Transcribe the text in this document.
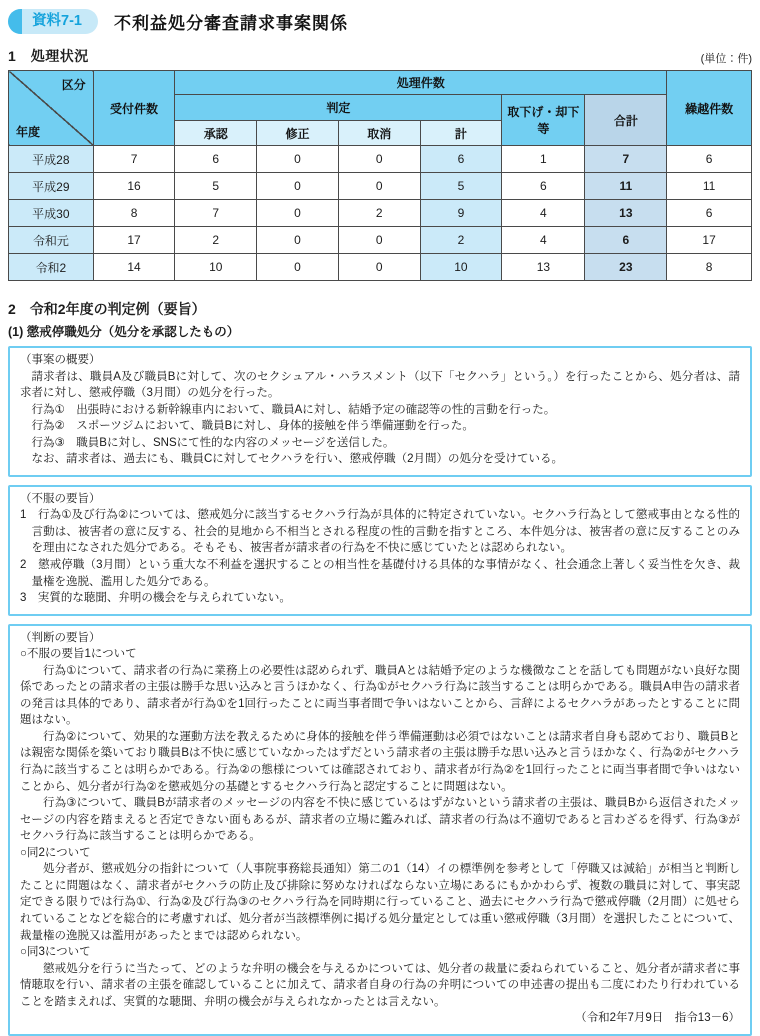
資料7-1	不利益処分審査請求事案関係
1　処理状況	(単位：件)
区分
年度	受付件数	処理件数						繰越件数
		判定				取下げ・却下等	合計	
		承認	修正	取消	計			
平成28	7	6	0	0	6	1	7	6
平成29	16	5	0	0	5	6	11	11
平成30	8	7	0	2	9	4	13	6
令和元	17	2	0	0	2	4	6	17
令和2	14	10	0	0	10	13	23	8

2　令和2年度の判定例（要旨）

(1) 懲戒停職処分（処分を承認したもの）

（事案の概要）

請求者は、職員A及び職員Bに対して、次のセクシュアル・ハラスメント（以下「セクハラ」という。）を行ったことから、処分者は、請求者に対し、懲戒停職（3月間）の処分を行った。

行為①　出張時における新幹線車内において、職員Aに対し、結婚予定の確認等の性的言動を行った。

行為②　スポーツジムにおいて、職員Bに対し、身体的接触を伴う準備運動を行った。

行為③　職員Bに対し、SNSにて性的な内容のメッセージを送信した。

なお、請求者は、過去にも、職員Cに対してセクハラを行い、懲戒停職（2月間）の処分を受けている。

（不服の要旨）

1　行為①及び行為②については、懲戒処分に該当するセクハラ行為が具体的に特定されていない。セクハラ行為として懲戒事由となる性的言動は、被害者の意に反する、社会的見地から不相当とされる程度の性的言動を指すところ、本件処分は、被害者の意に反することのみを理由になされた処分である。そもそも、被害者が請求者の行為を不快に感じていたとは認められない。

2　懲戒停職（3月間）という重大な不利益を選択することの相当性を基礎付ける具体的な事情がなく、社会通念上著しく妥当性を欠き、裁量権を逸脱、濫用した処分である。

3　実質的な聴聞、弁明の機会を与えられていない。

（判断の要旨）

○不服の要旨1について

行為①について、請求者の行為に業務上の必要性は認められず、職員Aとは結婚予定のような機微なことを話しても問題がない良好な関係であったとの請求者の主張は勝手な思い込みと言うほかなく、行為①がセクハラ行為に該当することは明らかである。職員A申告の請求者の発言は具体的であり、請求者が行為①を1回行ったことに両当事者間で争いはないことから、言辞によるセクハラがあったとすることに問題はない。

行為②について、効果的な運動方法を教えるために身体的接触を伴う準備運動は必須ではないことは請求者自身も認めており、職員Bとは親密な関係を築いており職員Bは不快に感じていなかったはずだという請求者の主張は勝手な思い込みと言うほかなく、行為②がセクハラ行為に該当することは明らかである。行為②の態様については確認されており、請求者が行為②を1回行ったことに両当事者間で争いはないことから、処分者が行為②を懲戒処分の基礎とするセクハラ行為と認定することに問題はない。

行為③について、職員Bが請求者のメッセージの内容を不快に感じているはずがないという請求者の主張は、職員Bから返信されたメッセージの内容を踏まえると否定できない面もあるが、請求者の立場に鑑みれば、請求者の行為は不適切であると言わざるを得ず、行為③がセクハラ行為に該当することは明らかである。

○同2について

処分者が、懲戒処分の指針について（人事院事務総長通知）第二の1（14）イの標準例を参考として「停職又は減給」が相当と判断したことに問題はなく、請求者がセクハラの防止及び排除に努めなければならない立場にあるにもかかわらず、複数の職員に対して、事実認定できる限りでは行為①、行為②及び行為③のセクハラ行為を同時期に行っていること、過去にセクハラ行為で懲戒停職（2月間）に処せられていることなどを総合的に考慮すれば、処分者が当該標準例に掲げる処分量定としては重い懲戒停職（3月間）を選択したことについて、裁量権の逸脱又は濫用があったとまでは認められない。

○同3について

懲戒処分を行うに当たって、どのような弁明の機会を与えるかについては、処分者の裁量に委ねられていること、処分者が請求者に事情聴取を行い、請求者の主張を確認していることに加えて、請求者自身の行為の弁明についての申述書の提出も二度にわたり行われていることを踏まえれば、実質的な聴聞、弁明の機会が与えられなかったとは言えない。

（令和2年7月9日　指令13－6）
